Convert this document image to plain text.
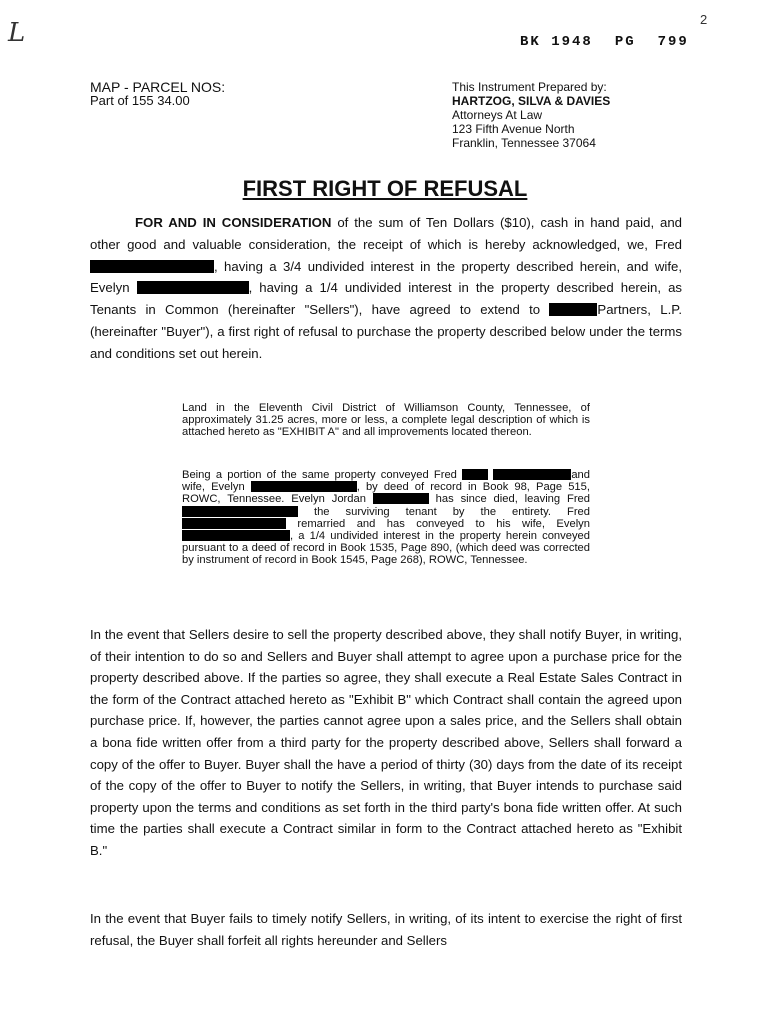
L	2
BK 1948 PG 799
MAP - PARCEL NOS:
Part of 155 34.00
This Instrument Prepared by:
HARTZOG, SILVA & DAVIES
Attorneys At Law
123 Fifth Avenue North
Franklin, Tennessee 37064
FIRST RIGHT OF REFUSAL
FOR AND IN CONSIDERATION of the sum of Ten Dollars ($10), cash in hand paid, and other good and valuable consideration, the receipt of which is hereby acknowledged, we, Fred , having a 3/4 undivided interest in the property described herein, and wife, Evelyn	, having a 1/4 undivided interest in the property described herein, as Tenants in Common (hereinafter "Sellers"), have agreed to extend to	Partners, L.P.(hereinafter "Buyer"), a first right of refusal to purchase the property described below under the terms and conditions set out herein.
Land in the Eleventh Civil District of Williamson County, Tennessee, of approximately 31.25 acres, more or less, a complete legal description of which is attached hereto as "EXHIBIT A" and all improvements located thereon.
Being a portion of the same property conveyed Fred	and wife, Evelyn	, by deed of record in Book 98, Page 515, ROWC, Tennessee. Evelyn Jordan	has since died, leaving Fred  the surviving tenant by the entirety. Fred  remarried and has conveyed to his wife, Evelyn , a 1/4 undivided interest in the property herein conveyed pursuant to a deed of record in Book 1535, Page 890, (which deed was corrected by instrument of record in Book 1545, Page 268), ROWC, Tennessee.
In the event that Sellers desire to sell the property described above, they shall notify Buyer, in writing, of their intention to do so and Sellers and Buyer shall attempt to agree upon a purchase price for the property described above. If the parties so agree, they shall execute a Real Estate Sales Contract in the form of the Contract attached hereto as "Exhibit B" which Contract shall contain the agreed upon purchase price. If, however, the parties cannot agree upon a sales price, and the Sellers shall obtain a bona fide written offer from a third party for the property described above, Sellers shall forward a copy of the offer to Buyer. Buyer shall the have a period of thirty (30) days from the date of its receipt of the copy of the offer to Buyer to notify the Sellers, in writing, that Buyer intends to purchase said property upon the terms and conditions as set forth in the third party's bona fide written offer. At such time the parties shall execute a Contract similar in form to the Contract attached hereto as "Exhibit B."
In the event that Buyer fails to timely notify Sellers, in writing, of its intent to exercise the right of first refusal, the Buyer shall forfeit all rights hereunder and Sellers
